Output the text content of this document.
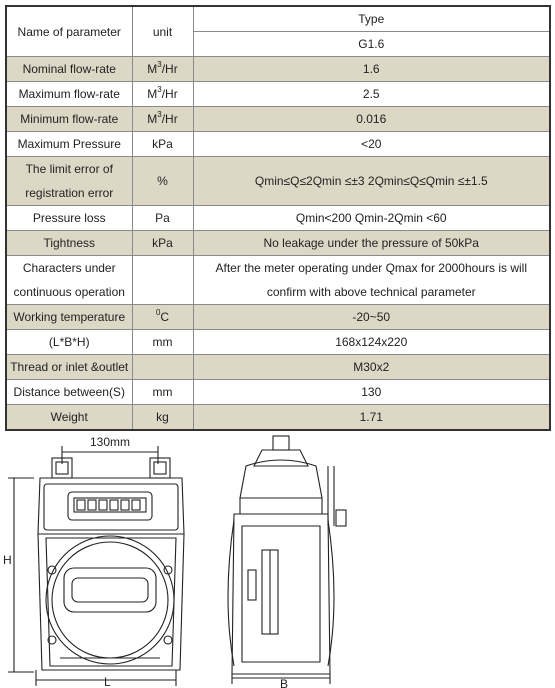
Name of parameter	unit	Type
		G1.6
Nominal flow-rate	$M^3/Hr$	1.6
Maximum flow-rate	$M^3/Hr$	2.5
Minimum flow-rate	$M^3/Hr$	0.016
Maximum Pressure	kPa	<20
The limit error of registration error	%	Qmin≤Q≤2Qmin ≤±3 2Qmin≤Q≤Qmin ≤±1.5
Pressure loss	Pa	Qmin<200 Qmin-2Qmin <60
Tightness	kPa	No leakage under the pressure of 50kPa
Characters under continuous operation		After the meter operating under Qmax for 2000hours is will confirm with above technical parameter
Working temperature	$^0$C	-20~50
(L*B*H)	mm	168x124x220
Thread or inlet &outlet		M30x2
Distance between(S)	mm	130
Weight	kg	1.71
130mm
H
L	B
